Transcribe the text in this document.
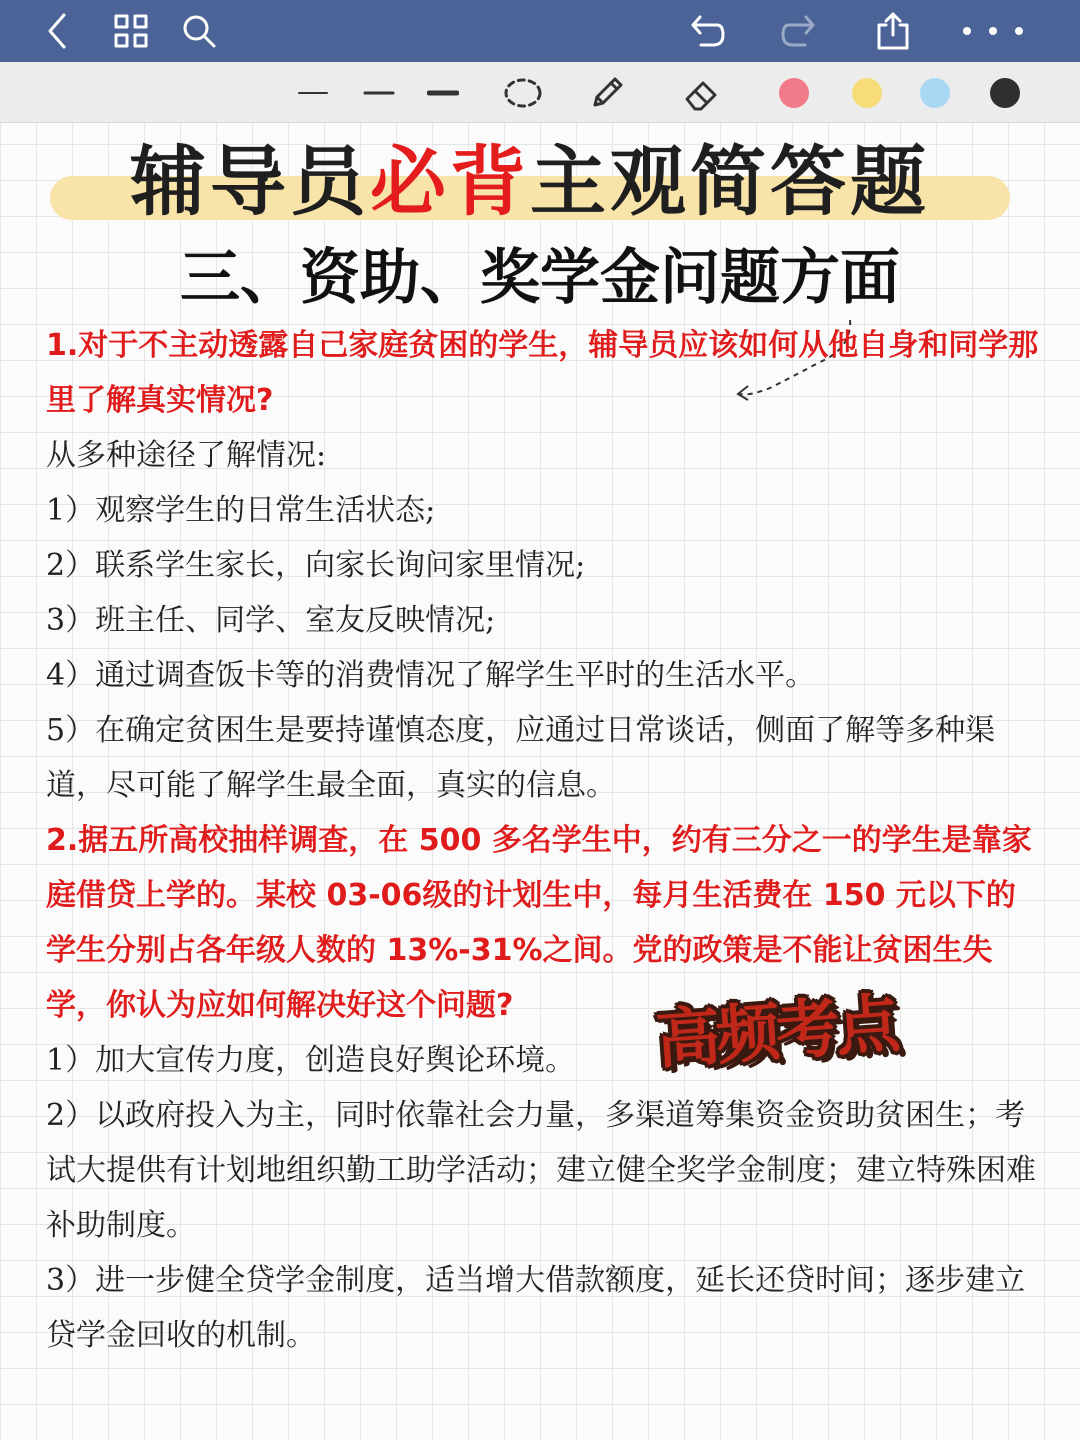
辅导员必背主观简答题
三、资助、奖学金问题方面
1.对于不主动透露自己家庭贫困的学生，辅导员应该如何从他自身和同学那里了解真实情况?
从多种途径了解情况:
1）观察学生的日常生活状态;
2）联系学生家长，向家长询问家里情况;
3）班主任、同学、室友反映情况;
4）通过调查饭卡等的消费情况了解学生平时的生活水平。
5）在确定贫困生是要持谨慎态度，应通过日常谈话，侧面了解等多种渠道，尽可能了解学生最全面，真实的信息。
2.据五所高校抽样调查，在 500 多名学生中，约有三分之一的学生是靠家庭借贷上学的。某校 03-06级的计划生中，每月生活费在 150 元以下的学生分别占各年级人数的 13%-31%之间。党的政策是不能让贫困生失学，你认为应如何解决好这个问题?
1）加大宣传力度，创造良好舆论环境。
2）以政府投入为主，同时依靠社会力量，多渠道筹集资金资助贫困生；考试大提供有计划地组织勤工助学活动；建立健全奖学金制度；建立特殊困难补助制度。
3）进一步健全贷学金制度，适当增大借款额度，延长还贷时间；逐步建立贷学金回收的机制。
高频考点
